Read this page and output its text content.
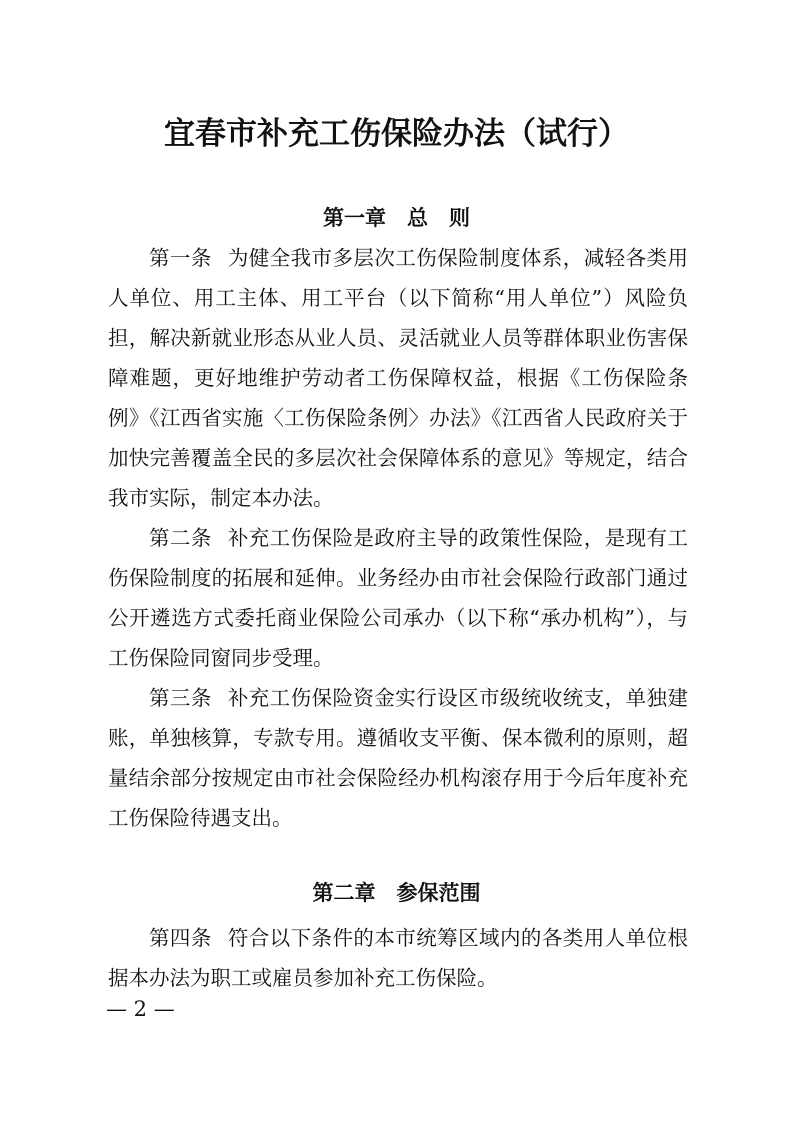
宜春市补充工伤保险办法（试行）
第一章　总　则

第一条 为健全我市多层次工伤保险制度体系，减轻各类用人单位、用工主体、用工平台（以下简称“用人单位”）风险负担，解决新就业形态从业人员、灵活就业人员等群体职业伤害保障难题，更好地维护劳动者工伤保障权益，根据《工伤保险条例》《江西省实施〈工伤保险条例〉办法》《江西省人民政府关于加快完善覆盖全民的多层次社会保障体系的意见》等规定，结合我市实际，制定本办法。

第二条 补充工伤保险是政府主导的政策性保险，是现有工伤保险制度的拓展和延伸。业务经办由市社会保险行政部门通过公开遴选方式委托商业保险公司承办（以下称“承办机构”），与工伤保险同窗同步受理。

第三条 补充工伤保险资金实行设区市级统收统支，单独建账，单独核算，专款专用。遵循收支平衡、保本微利的原则，超量结余部分按规定由市社会保险经办机构滚存用于今后年度补充工伤保险待遇支出。

第二章　参保范围

第四条 符合以下条件的本市统筹区域内的各类用人单位根据本办法为职工或雇员参加补充工伤保险。

— 2 —
